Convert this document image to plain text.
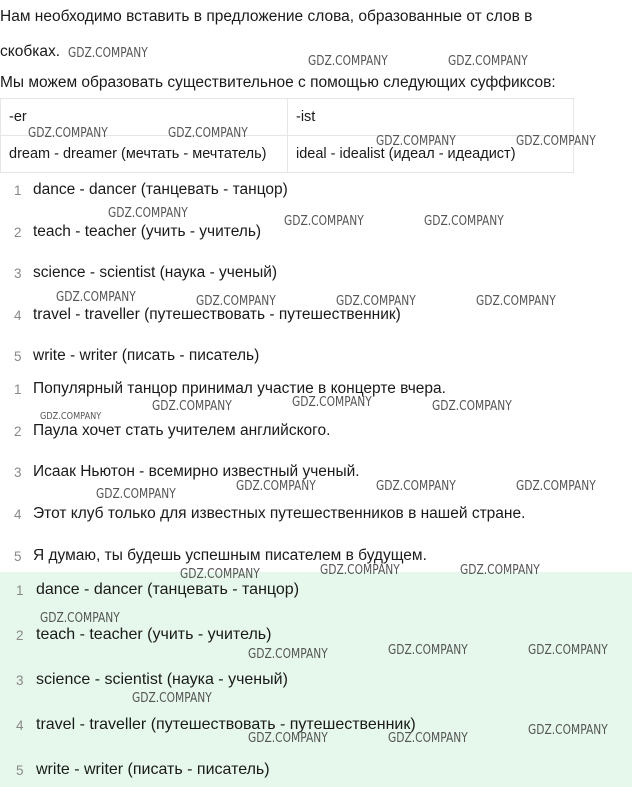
Нам необходимо вставить в предложение слова, образованные от слов в
скобках.
Мы можем образовать существительное с помощью следующих суффиксов:
-er	-ist
dream - dreamer (мечтать - мечтатель)	ideal - idealist (идеал - идеадист)
1 dance - dancer (танцевать - танцор)
2 teach - teacher (учить - учитель)
3 science - scientist (наука - ученый)
4 travel - traveller (путешествовать - путешественник)
5 write - writer (писать - писатель)
1 Популярный танцор принимал участие в концерте вчера.
2 Паула хочет стать учителем английского.
3 Исаак Ньютон - всемирно известный ученый.
4 Этот клуб только для известных путешественников в нашей стране.
5 Я думаю, ты будешь успешным писателем в будущем.
1 dance - dancer (танцевать - танцор)
2 teach - teacher (учить - учитель)
3 science - scientist (наука - ученый)
4 travel - traveller (путешествовать - путешественник)
5 write - writer (писать - писатель)
GDZ.COMPANY
GDZ.COMPANY	GDZ.COMPANY
GDZ.COMPANY	GDZ.COMPANY
GDZ.COMPANY	GDZ.COMPANY
GDZ.COMPANY
GDZ.COMPANY	GDZ.COMPANY
GDZ.COMPANY	GDZ.COMPANY	GDZ.COMPANY	GDZ.COMPANY
GDZ.COMPANY
GDZ.COMPANY	GDZ.COMPANY
GDZ.COMPANY
GDZ.COMPANY	GDZ.COMPANY	GDZ.COMPANY
GDZ.COMPANY
GDZ.COMPANY	GDZ.COMPANY	GDZ.COMPANY
GDZ.COMPANY
GDZ.COMPANY	GDZ.COMPANY
GDZ.COMPANY
GDZ.COMPANY
GDZ.COMPANY
GDZ.COMPANY	GDZ.COMPANY
